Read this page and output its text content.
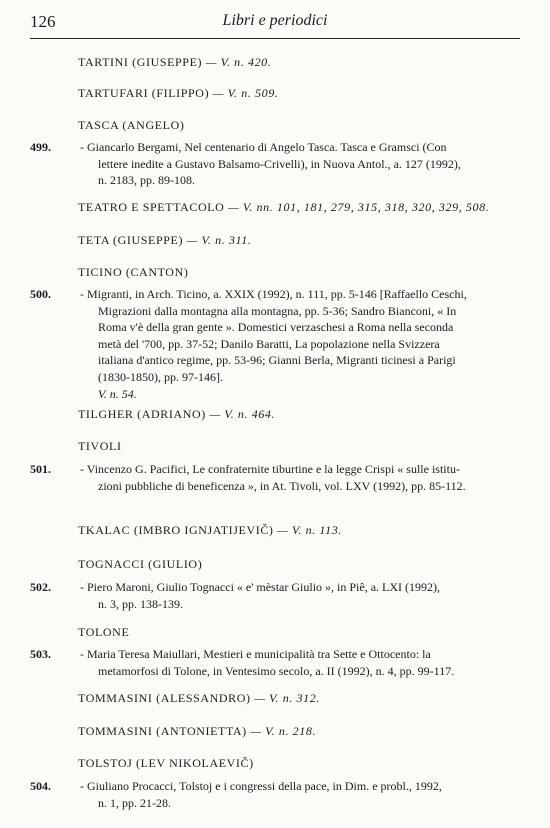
126	Libri e periodici
TARTINI (GIUSEPPE) — V. n. 420.
TARTUFARI (FILIPPO) — V. n. 509.
TASCA (ANGELO)
499. - Giancarlo Bergami, Nel centenario di Angelo Tasca. Tasca e Gramsci (Con
lettere inedite a Gustavo Balsamo-Crivelli), in Nuova Antol., a. 127 (1992),
n. 2183, pp. 89-108.
TEATRO E SPETTACOLO — V. nn. 101, 181, 279, 315, 318, 320, 329, 508.
TETA (GIUSEPPE) — V. n. 311.
TICINO (CANTON)
500. - Migranti, in Arch. Ticino, a. XXIX (1992), n. 111, pp. 5-146 [Raffaello Ceschi,
Migrazioni dalla montagna alla montagna, pp. 5-36; Sandro Bianconi, « In
Roma v'è della gran gente ». Domestici verzaschesi a Roma nella seconda
metà del '700, pp. 37-52; Danilo Baratti, La popolazione nella Svizzera
italiana d'antico regime, pp. 53-96; Gianni Berla, Migranti ticinesi a Parigi
(1830-1850), pp. 97-146].
V. n. 54.
TILGHER (ADRIANO) — V. n. 464.
TIVOLI
501. - Vincenzo G. Pacifici, Le confraternite tiburtine e la legge Crispi « sulle istitu-
zioni pubbliche di beneficenza », in At. Tivoli, vol. LXV (1992), pp. 85-112.
TKALAC (IMBRO IGNJATIJEVIČ) — V. n. 113.
TOGNACCI (GIULIO)
502. - Piero Maroni, Giulio Tognacci « e' mèstar Giulio », in Piê, a. LXI (1992),
n. 3, pp. 138-139.
TOLONE
503. - Maria Teresa Maiullari, Mestieri e municipalità tra Sette e Ottocento: la
metamorfosi di Tolone, in Ventesimo secolo, a. II (1992), n. 4, pp. 99-117.
TOMMASINI (ALESSANDRO) — V. n. 312.
TOMMASINI (ANTONIETTA) — V. n. 218.
TOLSTOJ (LEV NIKOLAEVIČ)
504. - Giuliano Procacci, Tolstoj e i congressi della pace, in Dim. e probl., 1992,
n. 1, pp. 21-28.
